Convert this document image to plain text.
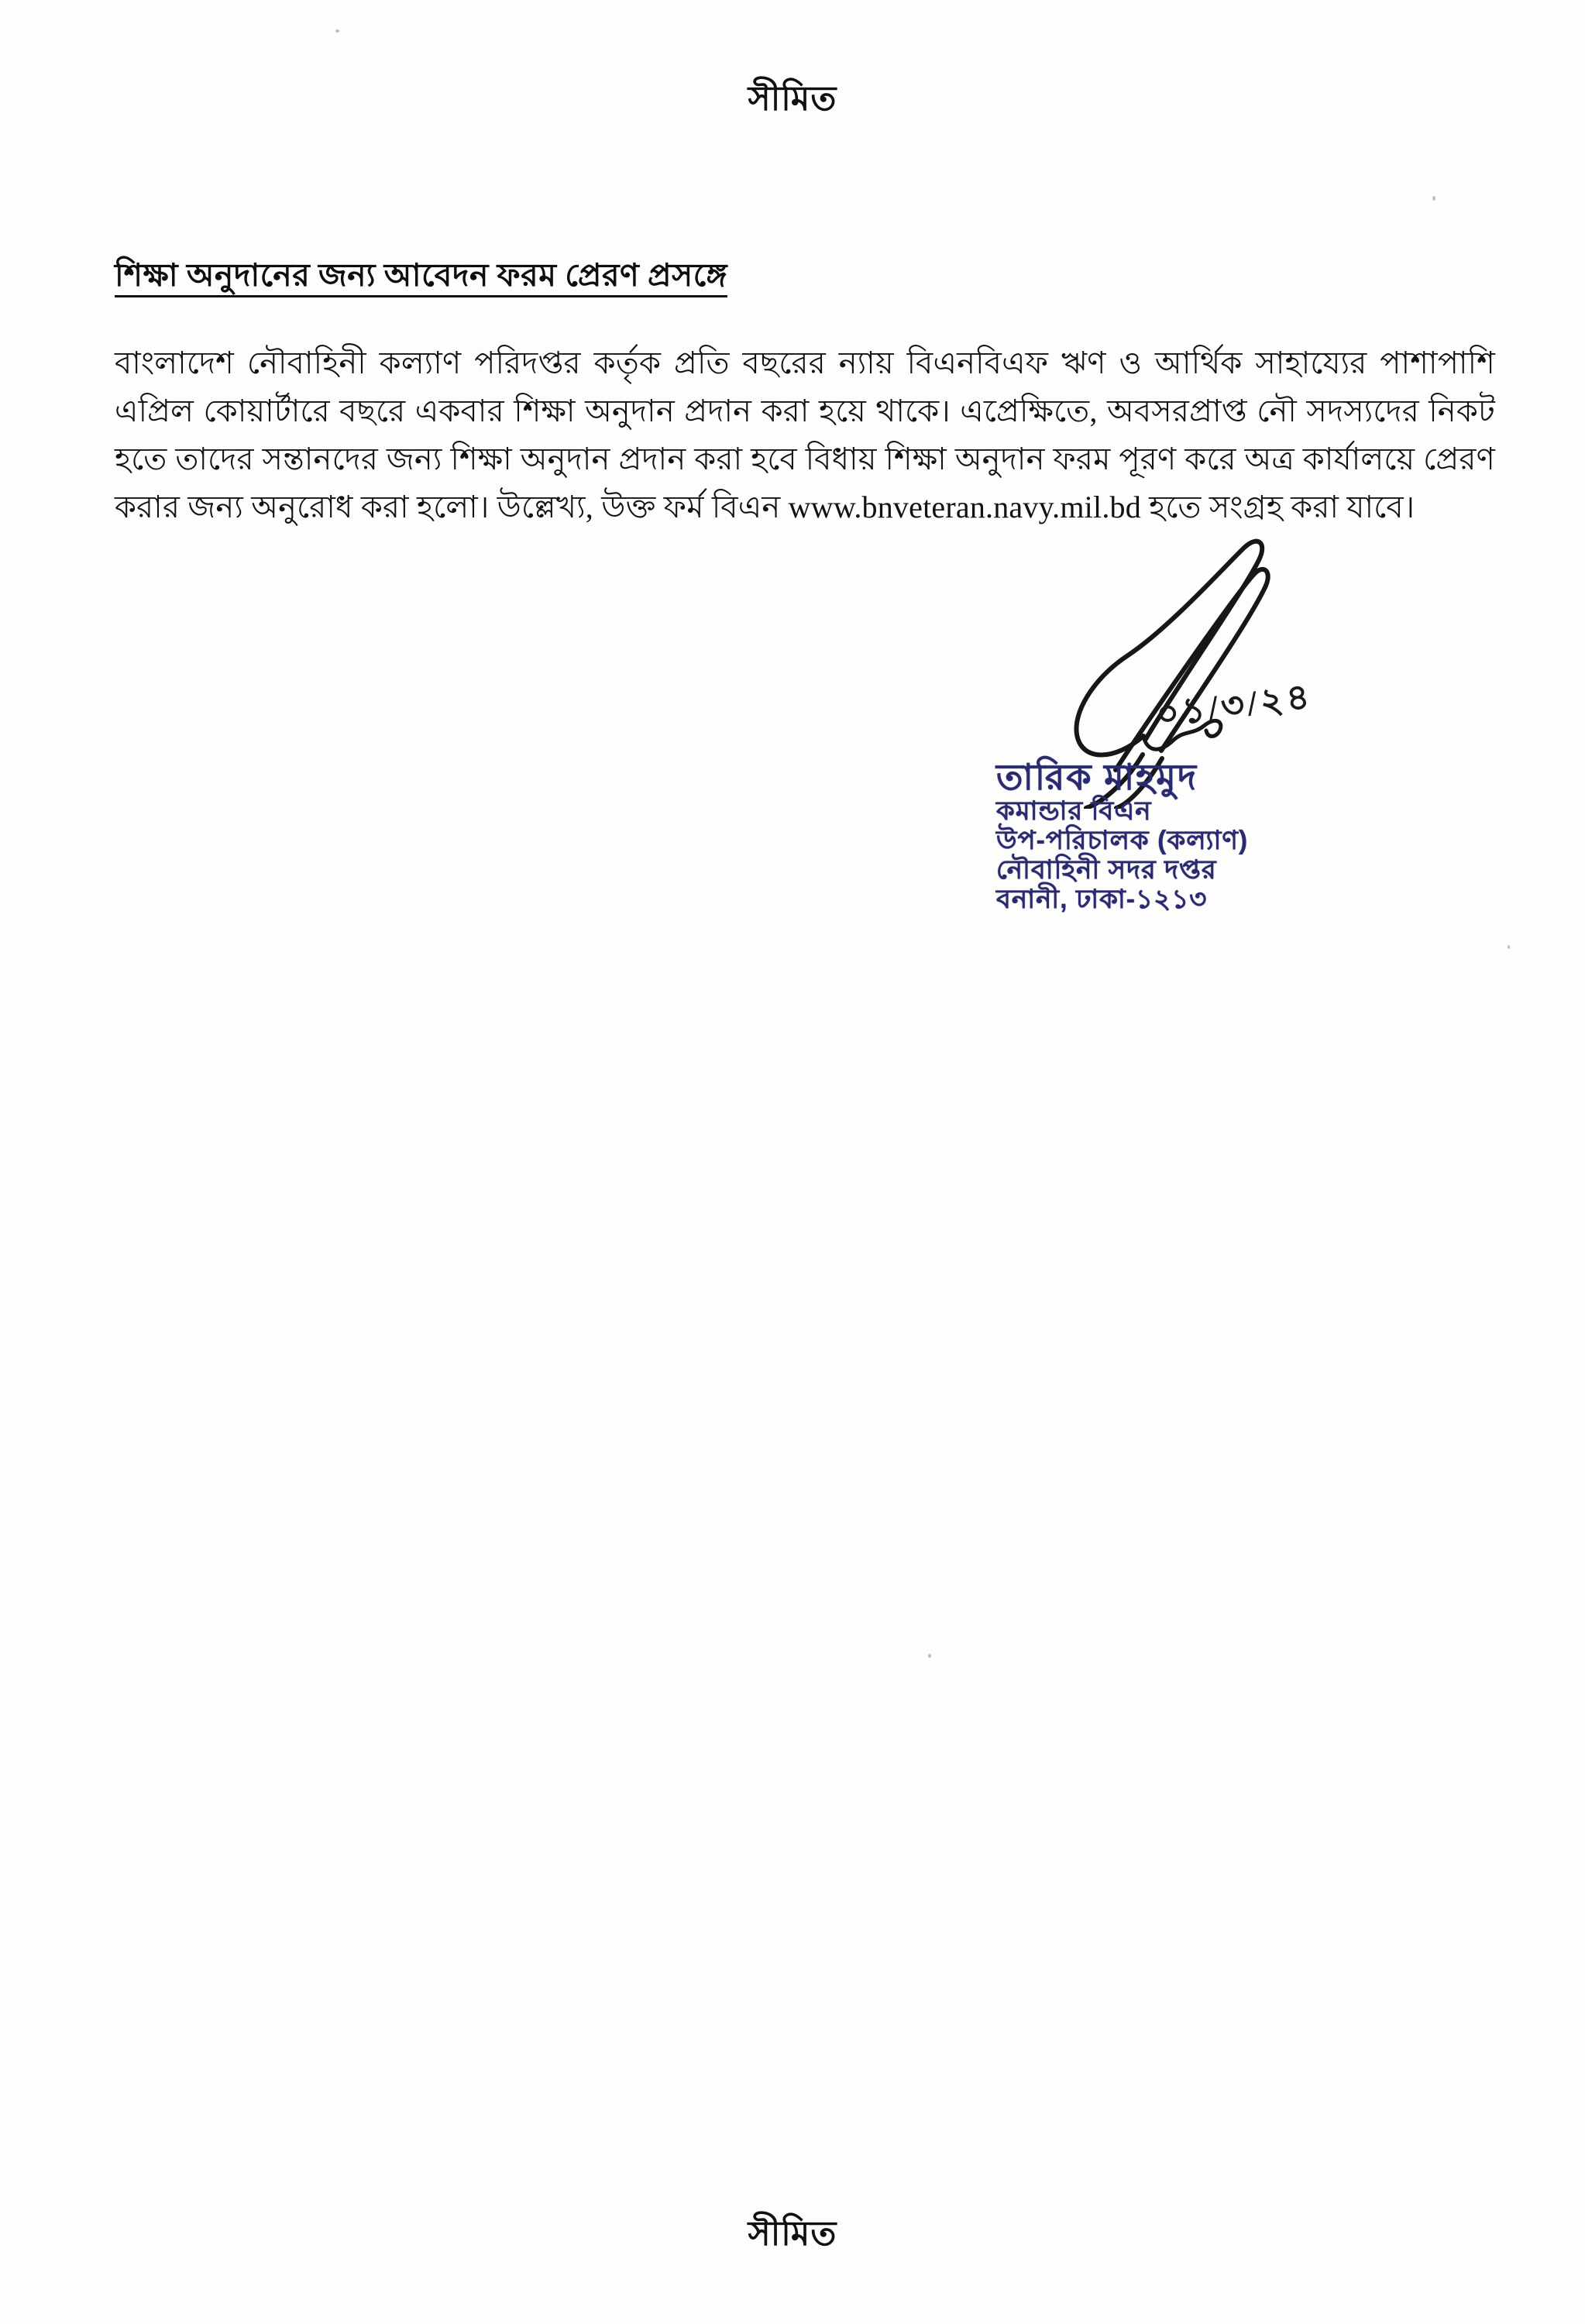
সীমিত
শিক্ষা অনুদানের জন্য আবেদন ফরম প্রেরণ প্রসঙ্গে

বাংলাদেশ নৌবাহিনী কল্যাণ পরিদপ্তর কর্তৃক প্রতি বছরের ন্যায় বিএনবিএফ ঋণ ও আর্থিক সাহায্যের পাশাপাশি এপ্রিল কোয়ার্টারে বছরে একবার শিক্ষা অনুদান প্রদান করা হয়ে থাকে। এপ্রেক্ষিতে, অবসরপ্রাপ্ত নৌ সদস্যদের নিকট হতে তাদের সন্তানদের জন্য শিক্ষা অনুদান প্রদান করা হবে বিধায় শিক্ষা অনুদান ফরম পূরণ করে অত্র কার্যালয়ে প্রেরণ করার জন্য অনুরোধ করা হলো। উল্লেখ্য, উক্ত ফর্ম বিএন www.bnveteran.navy.mil.bd হতে সংগ্রহ করা যাবে।

০১/৩/২৪
তারিক মাহমুদ
কমান্ডার বিএন
উপ-পরিচালক (কল্যাণ)
নৌবাহিনী সদর দপ্তর
বনানী, ঢাকা-১২১৩
সীমিত
